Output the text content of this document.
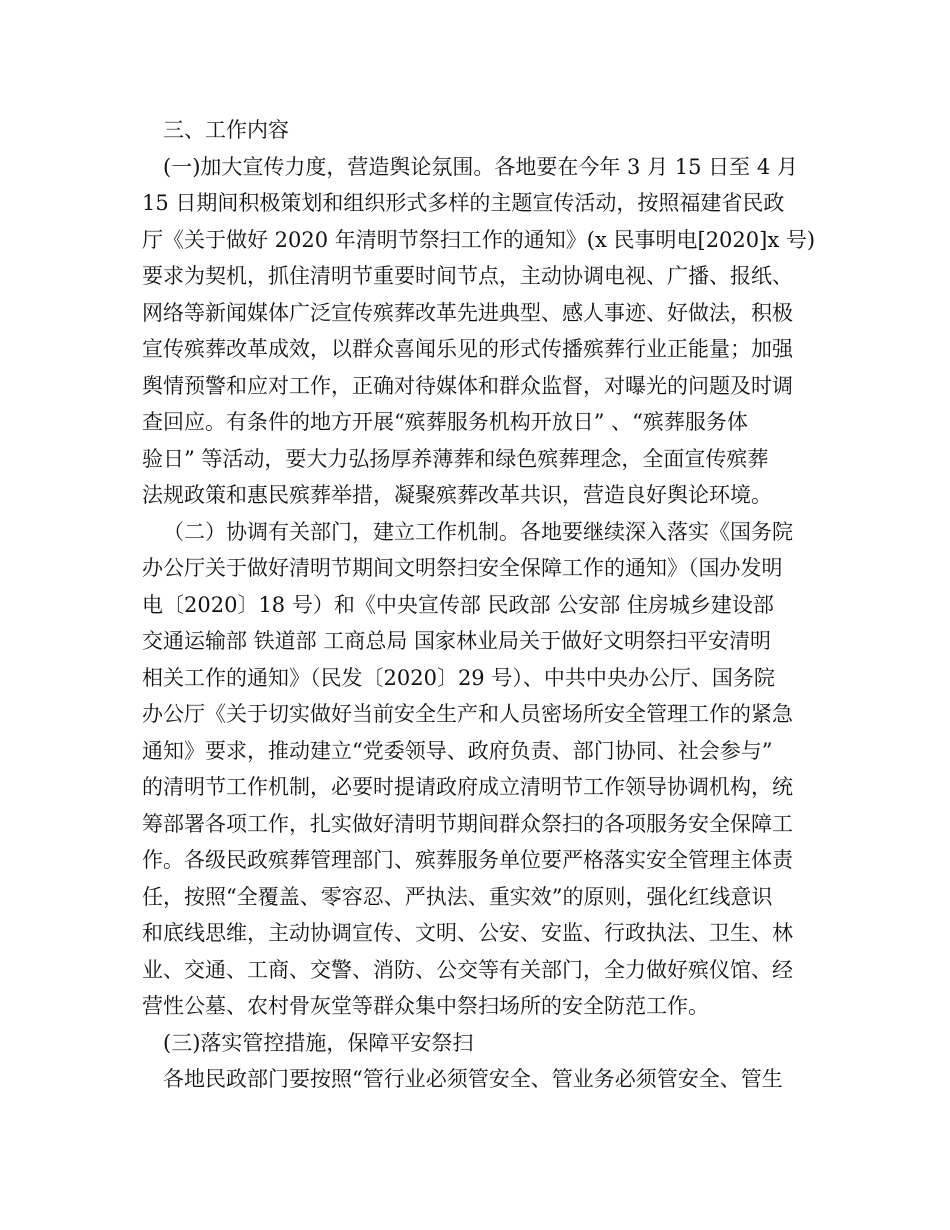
三、工作内容
(一)加大宣传力度，营造舆论氛围。各地要在今年 3 月 15 日至 4 月
15 日期间积极策划和组织形式多样的主题宣传活动，按照福建省民政
厅《关于做好 2020 年清明节祭扫工作的通知》(x 民事明电[2020]x 号)
要求为契机，抓住清明节重要时间节点，主动协调电视、广播、报纸、
网络等新闻媒体广泛宣传殡葬改革先进典型、感人事迹、好做法，积极
宣传殡葬改革成效，以群众喜闻乐见的形式传播殡葬行业正能量；加强
舆情预警和应对工作，正确对待媒体和群众监督，对曝光的问题及时调
查回应。有条件的地方开展“殡葬服务机构开放日” 、“殡葬服务体
验日” 等活动，要大力弘扬厚养薄葬和绿色殡葬理念，全面宣传殡葬
法规政策和惠民殡葬举措，凝聚殡葬改革共识，营造良好舆论环境。
（二）协调有关部门，建立工作机制。各地要继续深入落实《国务院
办公厅关于做好清明节期间文明祭扫安全保障工作的通知》（国办发明
电〔2020〕18 号）和《中央宣传部 民政部 公安部 住房城乡建设部
交通运输部 铁道部 工商总局 国家林业局关于做好文明祭扫平安清明
相关工作的通知》（民发〔2020〕29 号）、中共中央办公厅、国务院
办公厅《关于切实做好当前安全生产和人员密场所安全管理工作的紧急
通知》要求，推动建立“党委领导、政府负责、部门协同、社会参与”
的清明节工作机制，必要时提请政府成立清明节工作领导协调机构，统
筹部署各项工作，扎实做好清明节期间群众祭扫的各项服务安全保障工
作。各级民政殡葬管理部门、殡葬服务单位要严格落实安全管理主体责
任，按照“全覆盖、零容忍、严执法、重实效”的原则，强化红线意识
和底线思维，主动协调宣传、文明、公安、安监、行政执法、卫生、林
业、交通、工商、交警、消防、公交等有关部门，全力做好殡仪馆、经
营性公墓、农村骨灰堂等群众集中祭扫场所的安全防范工作。
(三)落实管控措施，保障平安祭扫
各地民政部门要按照“管行业必须管安全、管业务必须管安全、管生
